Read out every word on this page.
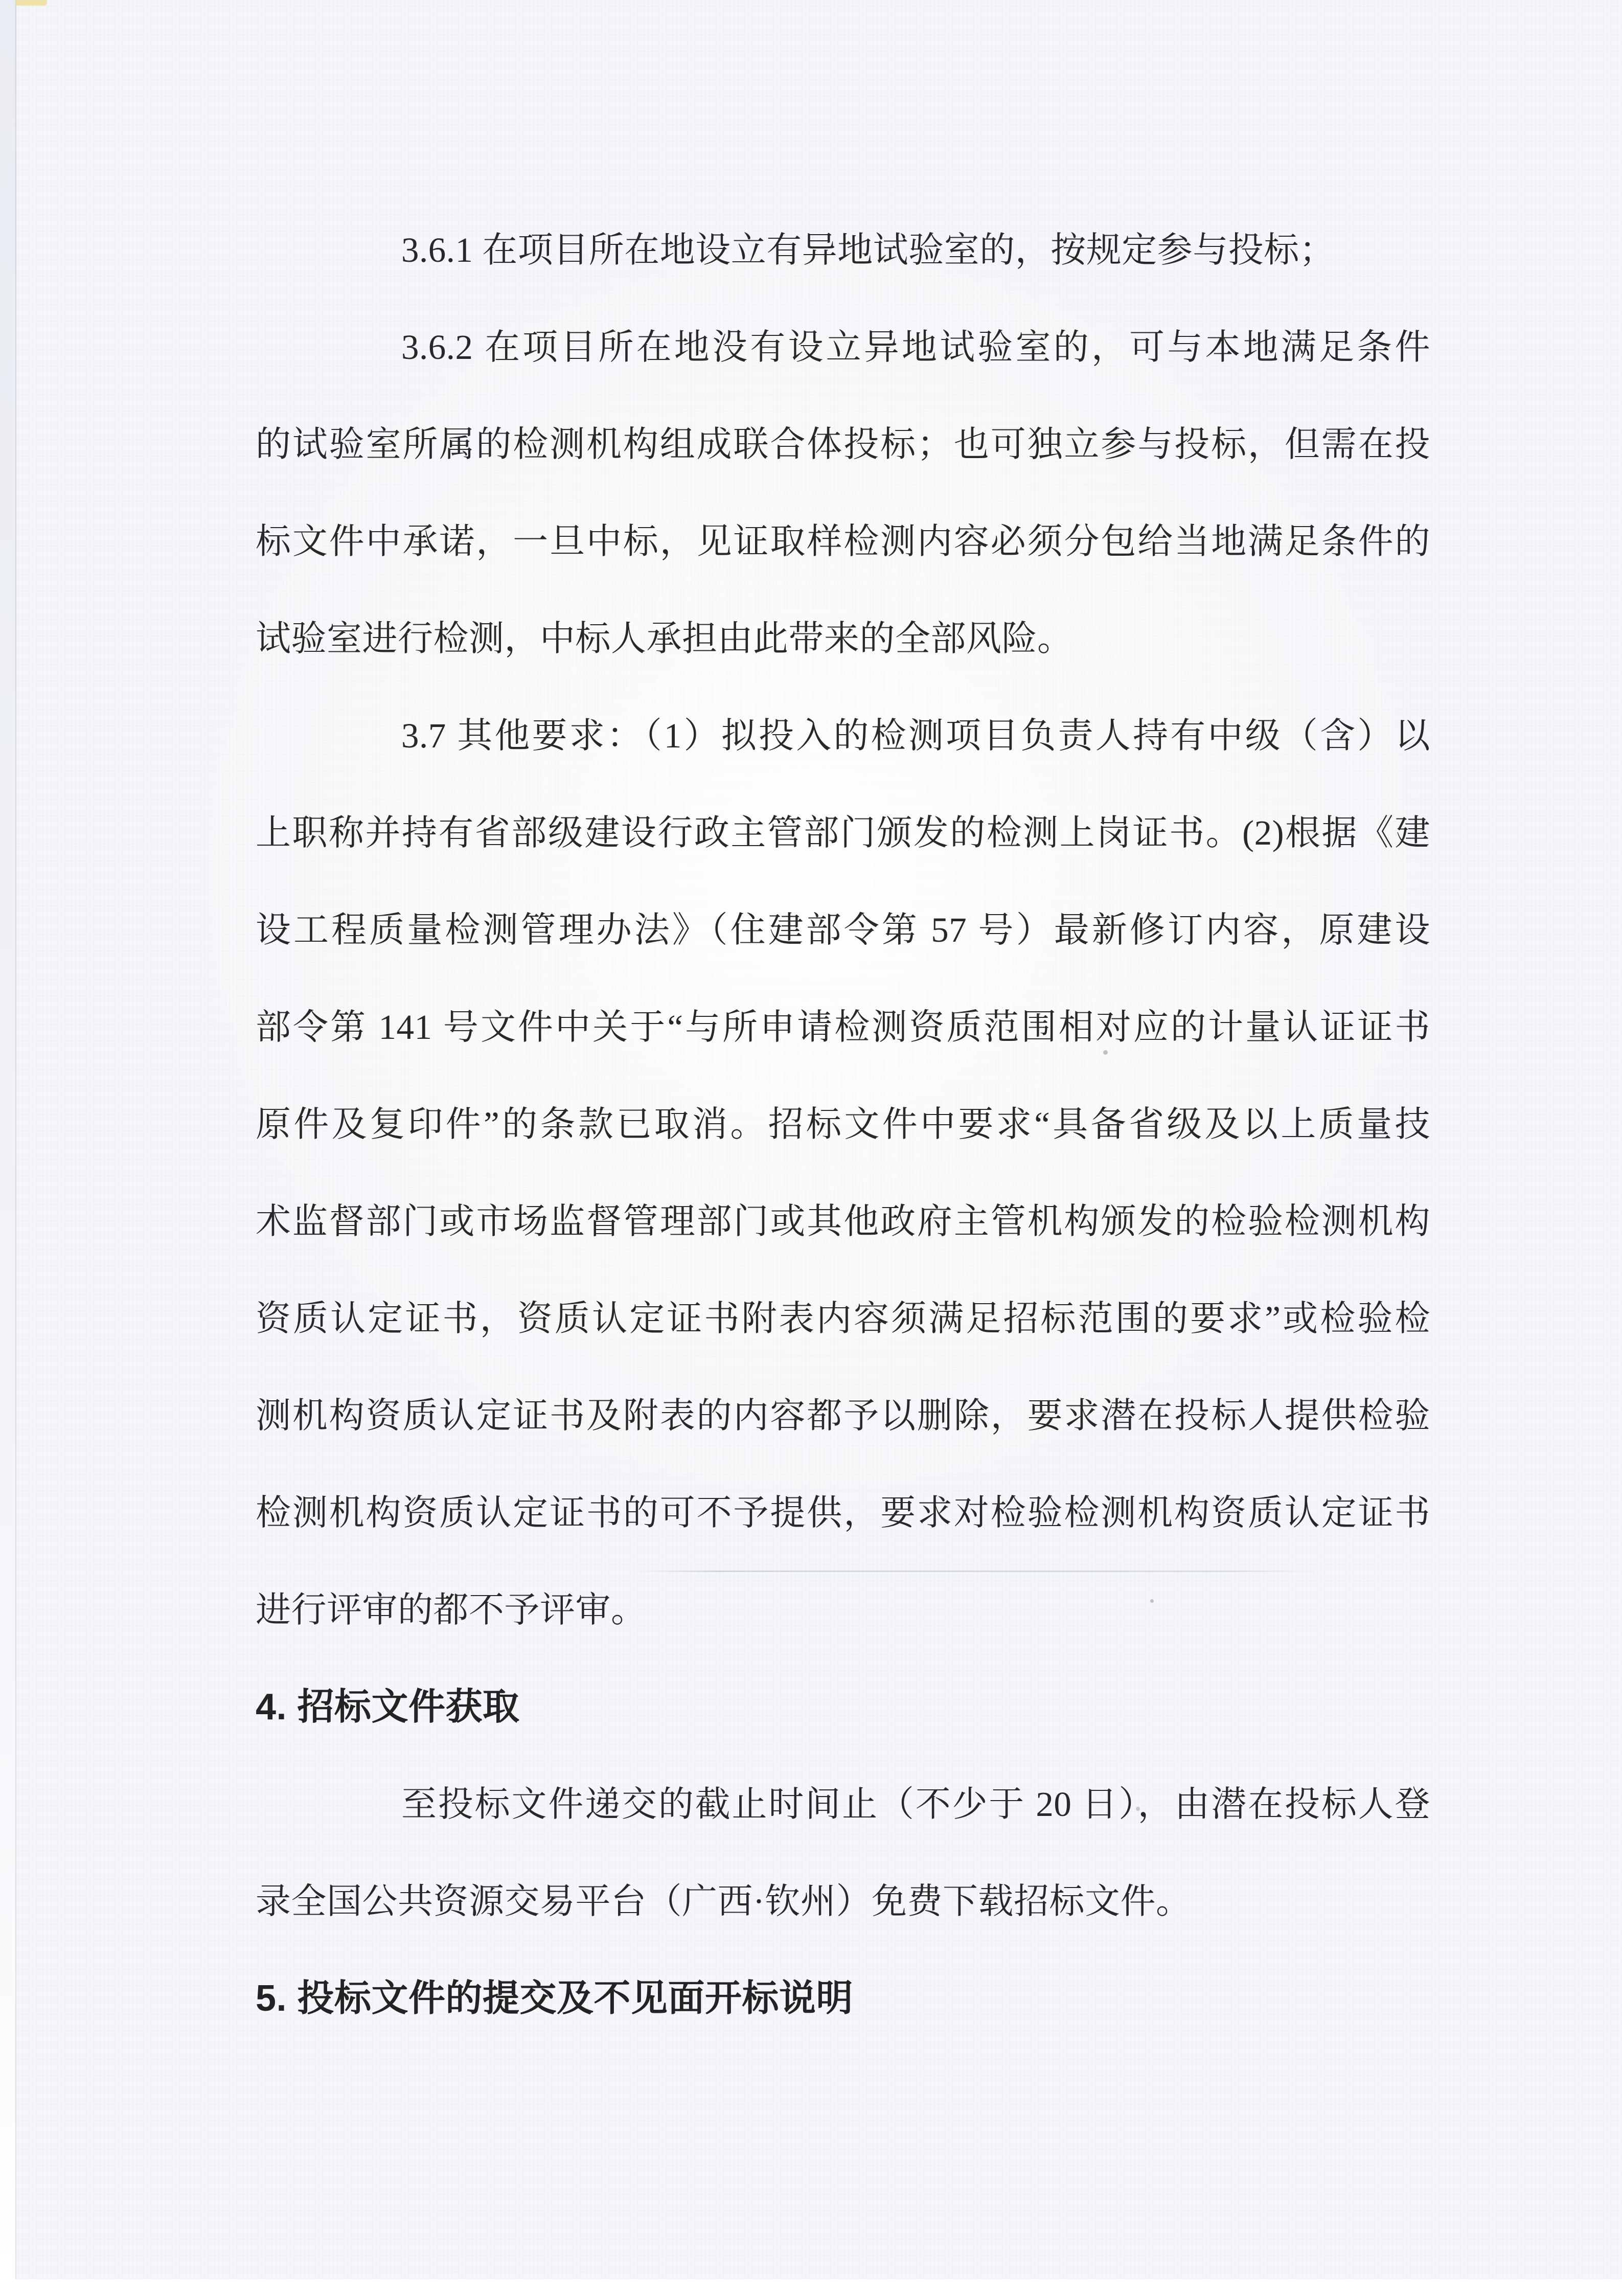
3.6.1 在项目所在地设立有异地试验室的，按规定参与投标；
3.6.2 在项目所在地没有设立异地试验室的，可与本地满足条件
的试验室所属的检测机构组成联合体投标；也可独立参与投标，但需在投
标文件中承诺，一旦中标，见证取样检测内容必须分包给当地满足条件的
试验室进行检测，中标人承担由此带来的全部风险。
3.7 其他要求：（1）拟投入的检测项目负责人持有中级（含）以
上职称并持有省部级建设行政主管部门颁发的检测上岗证书。(2)根据《建
设工程质量检测管理办法》（住建部令第 57 号）最新修订内容，原建设
部令第 141 号文件中关于“与所申请检测资质范围相对应的计量认证证书
原件及复印件”的条款已取消。招标文件中要求“具备省级及以上质量技
术监督部门或市场监督管理部门或其他政府主管机构颁发的检验检测机构
资质认定证书，资质认定证书附表内容须满足招标范围的要求”或检验检
测机构资质认定证书及附表的内容都予以删除，要求潜在投标人提供检验
检测机构资质认定证书的可不予提供，要求对检验检测机构资质认定证书
进行评审的都不予评审。
4. 招标文件获取
至投标文件递交的截止时间止（不少于 20 日），由潜在投标人登
录全国公共资源交易平台（广西·钦州）免费下载招标文件。
5. 投标文件的提交及不见面开标说明
